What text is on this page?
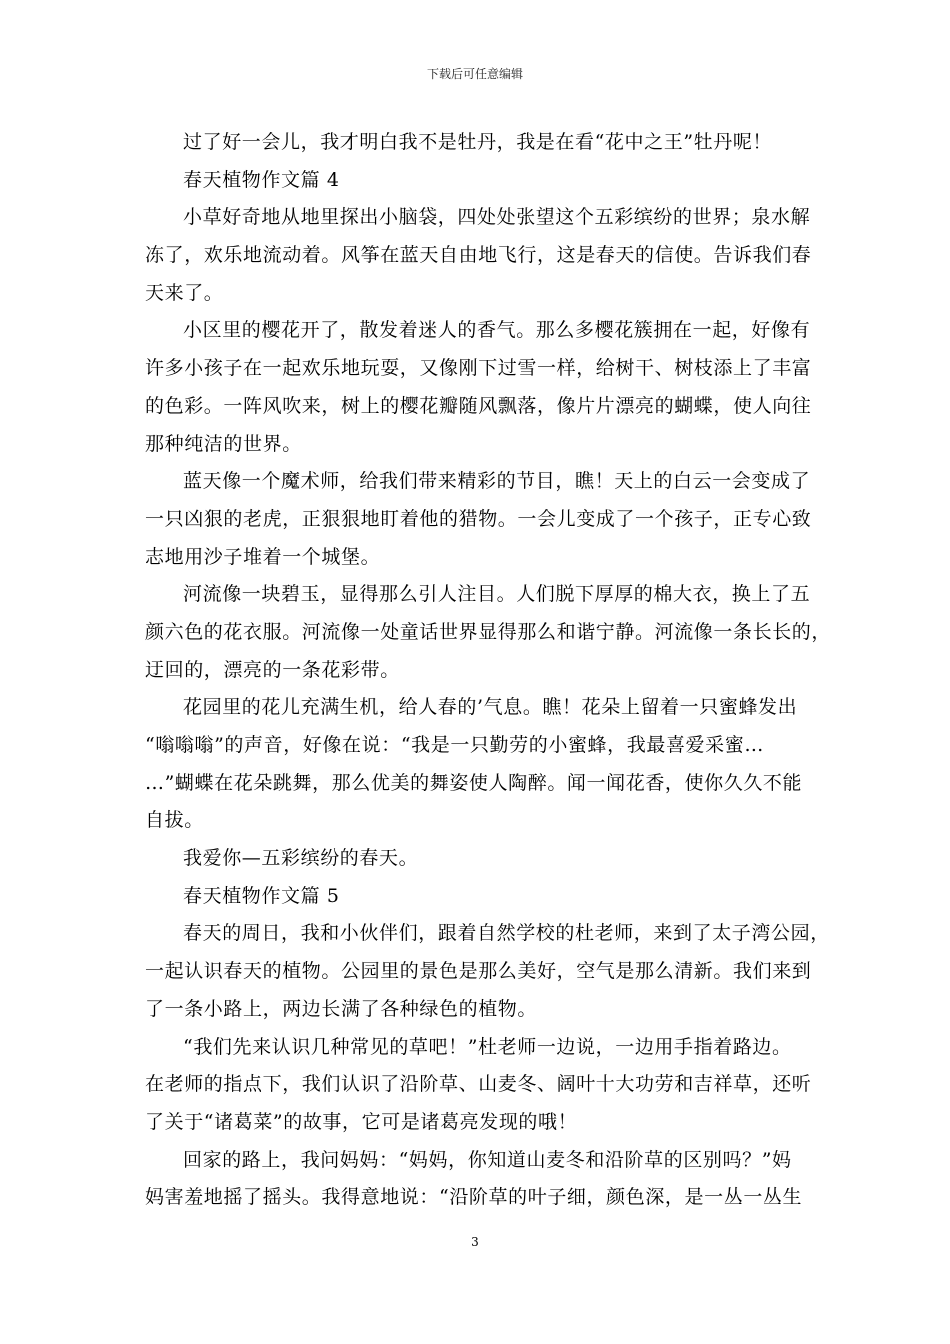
下载后可任意编辑
过了好一会儿，我才明白我不是牡丹，我是在看“花中之王”牡丹呢！
春天植物作文篇 4
小草好奇地从地里探出小脑袋，四处处张望这个五彩缤纷的世界；泉水解
冻了，欢乐地流动着。风筝在蓝天自由地飞行，这是春天的信使。告诉我们春
天来了。
小区里的樱花开了，散发着迷人的香气。那么多樱花簇拥在一起，好像有
许多小孩子在一起欢乐地玩耍，又像刚下过雪一样，给树干、树枝添上了丰富
的色彩。一阵风吹来，树上的樱花瓣随风飘落，像片片漂亮的蝴蝶，使人向往
那种纯洁的世界。
蓝天像一个魔术师，给我们带来精彩的节目，瞧！天上的白云一会变成了
一只凶狠的老虎，正狠狠地盯着他的猎物。一会儿变成了一个孩子，正专心致
志地用沙子堆着一个城堡。
河流像一块碧玉，显得那么引人注目。人们脱下厚厚的棉大衣，换上了五
颜六色的花衣服。河流像一处童话世界显得那么和谐宁静。河流像一条长长的，
迂回的，漂亮的一条花彩带。
花园里的花儿充满生机，给人春的’气息。瞧！花朵上留着一只蜜蜂发出
“嗡嗡嗡”的声音，好像在说：“我是一只勤劳的小蜜蜂，我最喜爱采蜜…
…”蝴蝶在花朵跳舞，那么优美的舞姿使人陶醉。闻一闻花香，使你久久不能
自拔。
我爱你—五彩缤纷的春天。
春天植物作文篇 5
春天的周日，我和小伙伴们，跟着自然学校的杜老师，来到了太子湾公园，
一起认识春天的植物。公园里的景色是那么美好，空气是那么清新。我们来到
了一条小路上，两边长满了各种绿色的植物。
“我们先来认识几种常见的草吧！”杜老师一边说，一边用手指着路边。
在老师的指点下，我们认识了沿阶草、山麦冬、阔叶十大功劳和吉祥草，还听
了关于“诸葛菜”的故事，它可是诸葛亮发现的哦！
回家的路上，我问妈妈：“妈妈，你知道山麦冬和沿阶草的区别吗？”妈
妈害羞地摇了摇头。我得意地说：“沿阶草的叶子细，颜色深，是一丛一丛生
3
